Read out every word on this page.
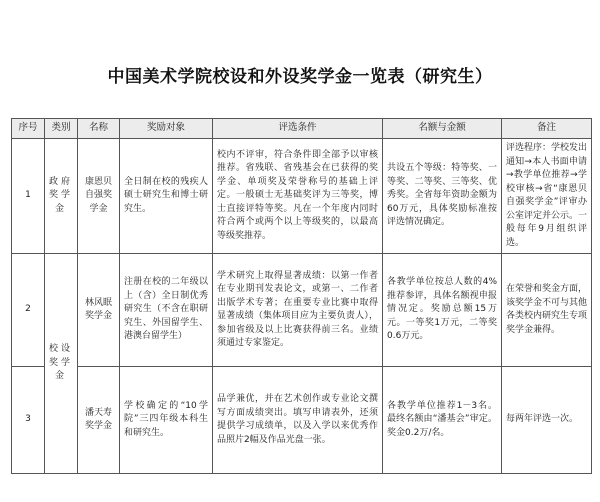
中国美术学院校设和外设奖学金一览表（研究生）
序号	类别	名称	奖励对象	评选条件	名额与金额	备注
1	政府奖学金	康恩贝自强奖学金	全日制在校的残疾人硕士研究生和博士研究生。	校内不评审，符合条件即全部予以审核推荐。省残联、省残基会在已获得的奖学金、单项奖及荣誉称号的基础上评定。一般硕士无基础奖评为三等奖，博士直接评特等奖。凡在一个年度内同时符合两个或两个以上等级奖的，以最高等级奖推荐。	共设五个等级：特等奖、一等奖、二等奖、三等奖、优秀奖。全省每年资助金额为60万元，具体奖励标准按评选情况确定。	评选程序：学校发出通知→本人书面申请→教学单位推荐→学校审核→省“康恩贝自强奖学金”评审办公室评定并公示。一般每年9月组织评选。
2	校设奖学金	林风眠奖学金	注册在校的二年级以上（含）全日制优秀研究生（不含在职研究生、外国留学生、港澳台留学生）	学术研究上取得显著成绩：以第一作者在专业期刊发表论文，或第一、二作者出版学术专著；在重要专业比赛中取得显著成绩（集体项目应为主要负责人），参加省级及以上比赛获得前三名。业绩须通过专家鉴定。	各教学单位按总人数的4%推荐参评，具体名额视申报情况定。奖励总额15万元。一等奖1万元，二等奖0.6万元。	在荣誉和奖金方面，该奖学金不可与其他各类校内研究生专项奖学金兼得。
3		潘天寿奖学金	学校确定的“10学院”三四年级本科生和研究生。	品学兼优，并在艺术创作或专业论文撰写方面成绩突出。填写申请表外，还须提供学习成绩单，以及入学以来优秀作品照片2幅及作品光盘一张。	各教学单位推荐1－3名。最终名额由“潘基会”审定。奖金0.2万/名。	每两年评选一次。
